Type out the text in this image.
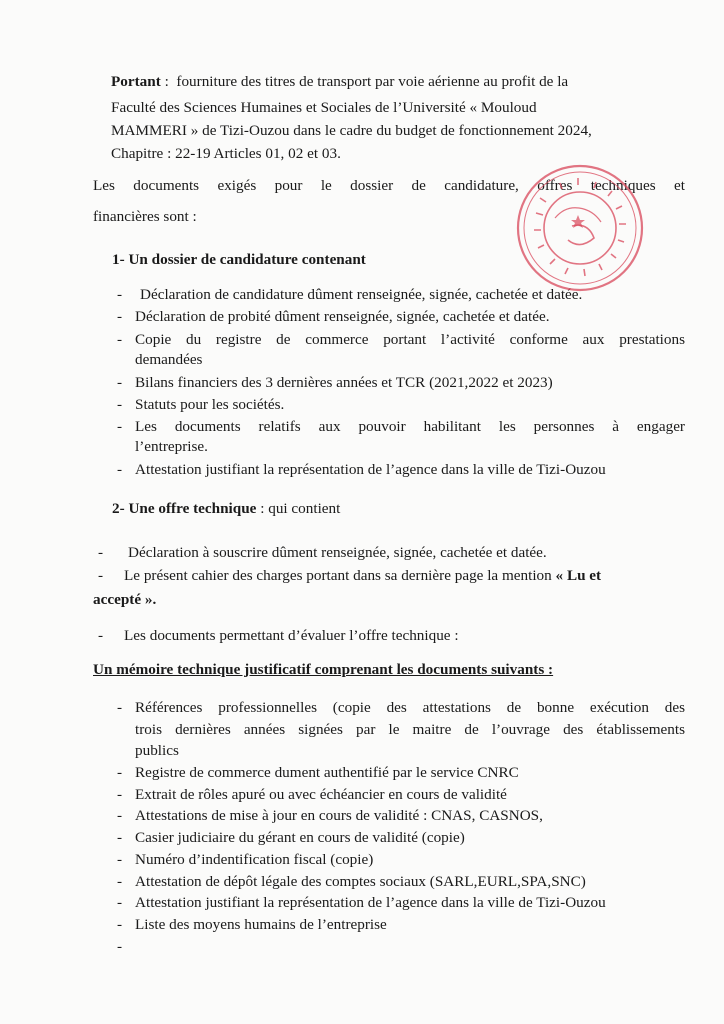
Portant : fourniture des titres de transport par voie aérienne au profit de la
Faculté des Sciences Humaines et Sociales de l’Université « Mouloud
MAMMERI » de Tizi-Ouzou dans le cadre du budget de fonctionnement 2024,
Chapitre : 22-19 Articles 01, 02 et 03.
Les documents exigés pour le dossier de candidature, offres techniques et
financières sont :
1- Un dossier de candidature contenant
- Déclaration de candidature dûment renseignée, signée, cachetée et datée.
- Déclaration de probité dûment renseignée, signée, cachetée et datée.
- Copie du registre de commerce portant l’activité conforme aux prestations
demandées
- Bilans financiers des 3 dernières années et TCR (2021,2022 et 2023)
- Statuts pour les sociétés.
- Les documents relatifs aux pouvoir habilitant les personnes à engager
l’entreprise.
- Attestation justifiant la représentation de l’agence dans la ville de Tizi-Ouzou
2- Une offre technique : qui contient
- Déclaration à souscrire dûment renseignée, signée, cachetée et datée.
- Le présent cahier des charges portant dans sa dernière page la mention « Lu et
accepté ».
- Les documents permettant d’évaluer l’offre technique :
Un mémoire technique justificatif comprenant les documents suivants :
- Références professionnelles (copie des attestations de bonne exécution des
trois dernières années signées par le maitre de l’ouvrage des établissements
publics
- Registre de commerce dument authentifié par le service CNRC
- Extrait de rôles apuré ou avec échéancier en cours de validité
- Attestations de mise à jour en cours de validité : CNAS, CASNOS,
- Casier judiciaire du gérant en cours de validité (copie)
- Numéro d’indentification fiscal (copie)
- Attestation de dépôt légale des comptes sociaux (SARL,EURL,SPA,SNC)
- Attestation justifiant la représentation de l’agence dans la ville de Tizi-Ouzou
- Liste des moyens humains de l’entreprise
-
